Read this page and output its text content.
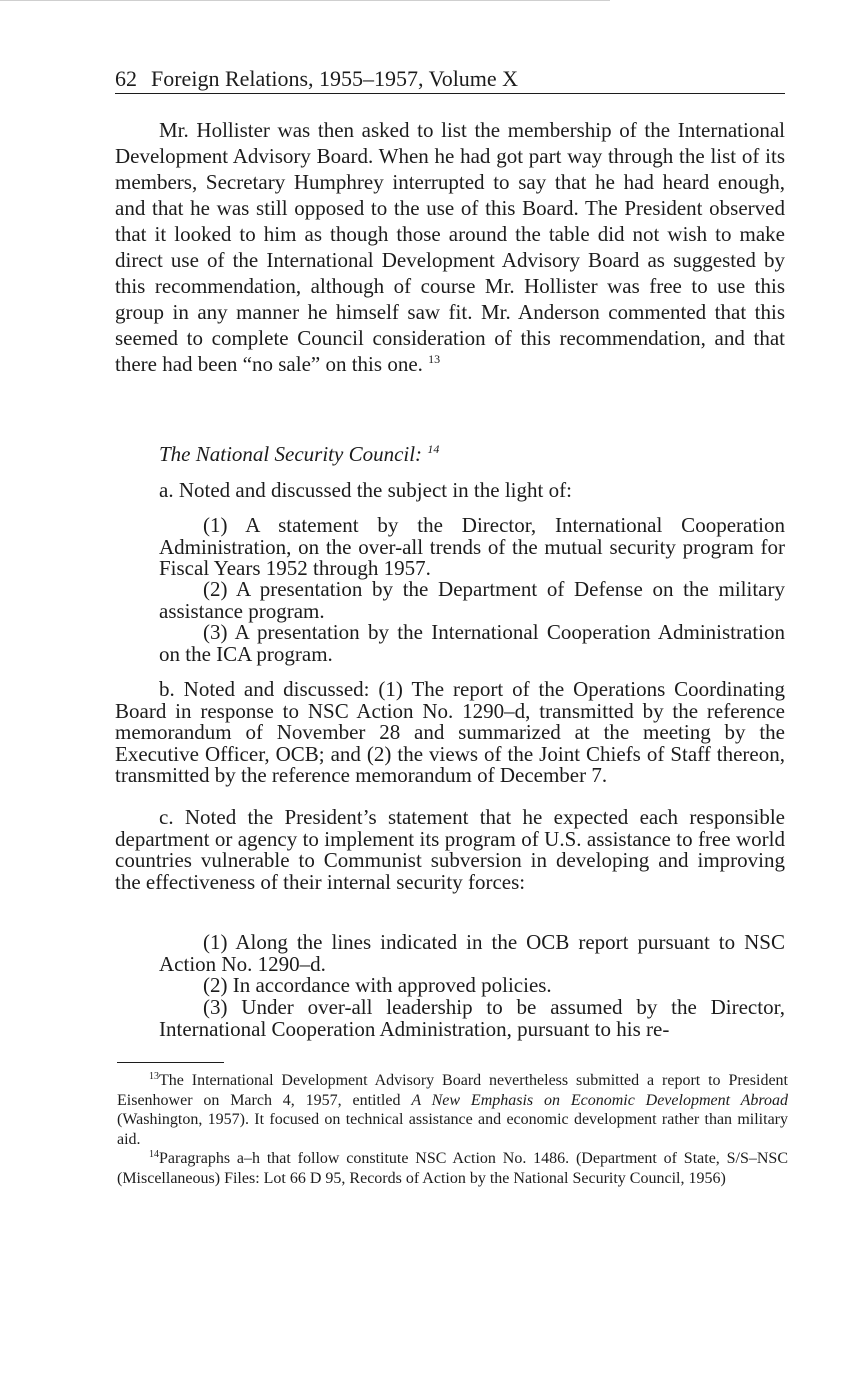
62 Foreign Relations, 1955–1957, Volume X
Mr. Hollister was then asked to list the membership of the International Development Advisory Board. When he had got part way through the list of its members, Secretary Humphrey interrupted to say that he had heard enough, and that he was still opposed to the use of this Board. The President observed that it looked to him as though those around the table did not wish to make direct use of the International Development Advisory Board as suggested by this recommendation, although of course Mr. Hollister was free to use this group in any manner he himself saw fit. Mr. Anderson commented that this seemed to complete Council consideration of this recommendation, and that there had been “no sale” on this one. $^{13}$
The National Security Council: $^{14}$
a. Noted and discussed the subject in the light of:
(1) A statement by the Director, International Cooperation Administration, on the over-all trends of the mutual security program for Fiscal Years 1952 through 1957.
(2) A presentation by the Department of Defense on the military assistance program.
(3) A presentation by the International Cooperation Administration on the ICA program.
b. Noted and discussed: (1) The report of the Operations Coordinating Board in response to NSC Action No. 1290–d, transmitted by the reference memorandum of November 28 and summarized at the meeting by the Executive Officer, OCB; and (2) the views of the Joint Chiefs of Staff thereon, transmitted by the reference memorandum of December 7.
c. Noted the President’s statement that he expected each responsible department or agency to implement its program of U.S. assistance to free world countries vulnerable to Communist subversion in developing and improving the effectiveness of their internal security forces:
(1) Along the lines indicated in the OCB report pursuant to NSC Action No. 1290–d.
(2) In accordance with approved policies.
(3) Under over-all leadership to be assumed by the Director, International Cooperation Administration, pursuant to his re-
$^{13}$The International Development Advisory Board nevertheless submitted a report to President Eisenhower on March 4, 1957, entitled A New Emphasis on Economic Development Abroad (Washington, 1957). It focused on technical assistance and economic development rather than military aid.
$^{14}$Paragraphs a–h that follow constitute NSC Action No. 1486. (Department of State, S/S–NSC (Miscellaneous) Files: Lot 66 D 95, Records of Action by the National Security Council, 1956)
